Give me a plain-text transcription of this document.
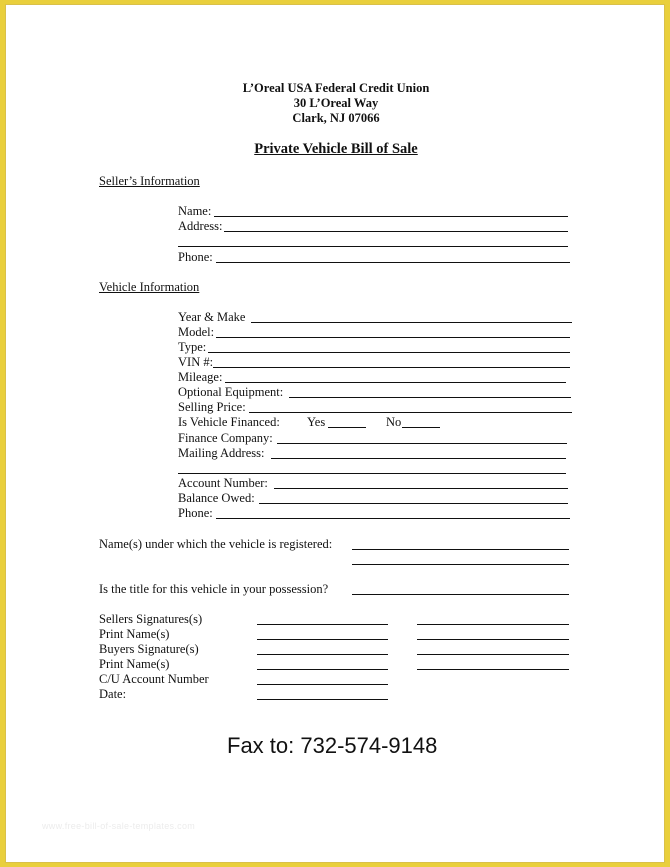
L’Oreal USA Federal Credit Union
30 L’Oreal Way
Clark, NJ 07066
Private Vehicle Bill of Sale
Seller’s Information
Name:
Address:
Phone:
Vehicle Information
Year & Make
Model:
Type:
VIN #:
Mileage:
Optional Equipment:
Selling Price:
Is Vehicle Financed: Yes	No
Finance Company:
Mailing Address:
Account Number:
Balance Owed:
Phone:
Name(s) under which the vehicle is registered:
Is the title for this vehicle in your possession?
Sellers Signatures(s)
Print Name(s)
Buyers Signature(s)
Print Name(s)
C/U Account Number
Date:
Fax to: 732-574-9148
www.free-bill-of-sale-templates.com
